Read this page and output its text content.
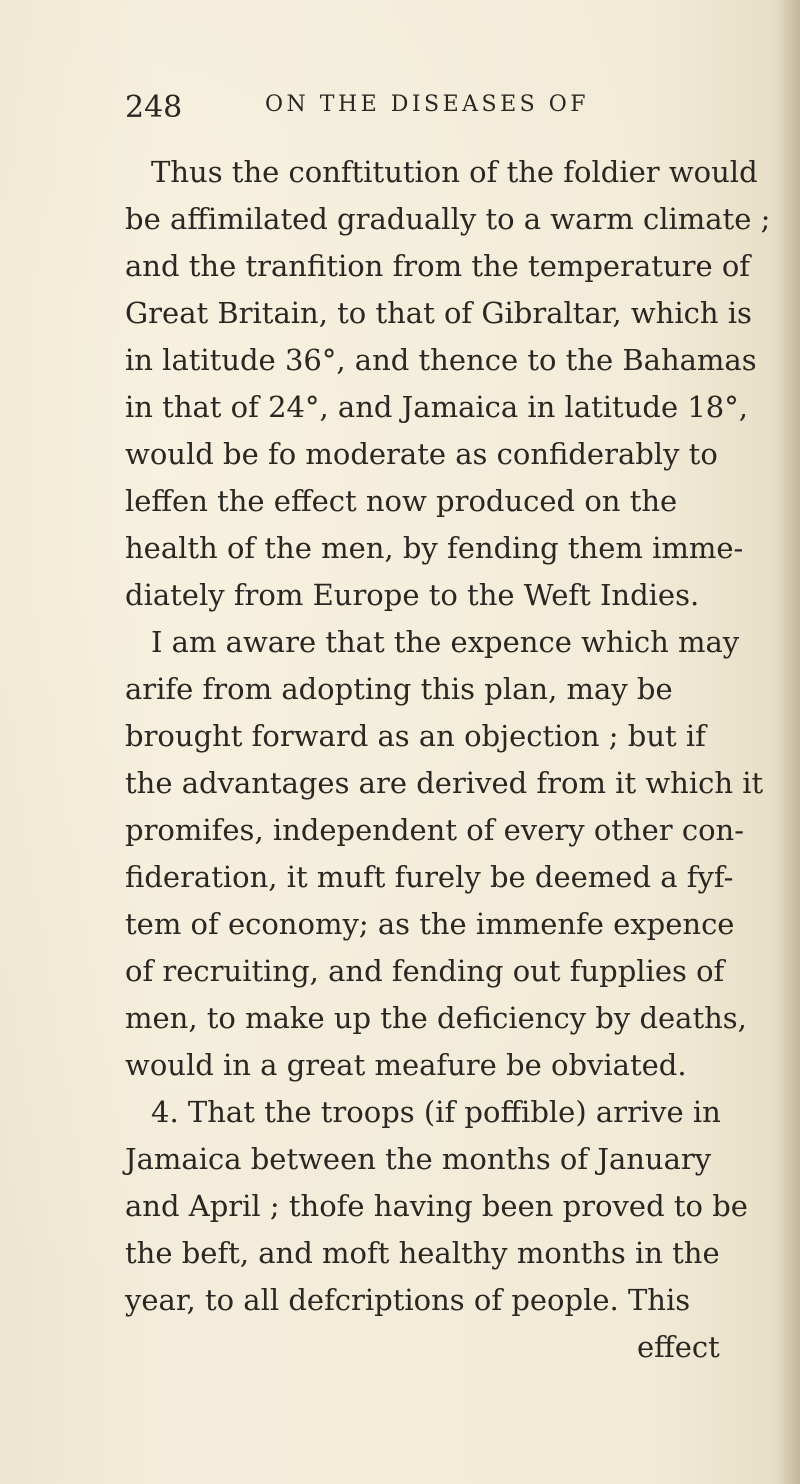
248	ON THE DISEASES OF
Thus the conftitution of the foldier would
be affimilated gradually to a warm climate ;
and the tranfition from the temperature of
Great Britain, to that of Gibraltar, which is
in latitude 36°, and thence to the Bahamas
in that of 24°, and Jamaica in latitude 18°,
would be fo moderate as confiderably to
leffen the effect now produced on the
health of the men, by fending them imme-
diately from Europe to the Weft Indies.
I am aware that the expence which may
arife from adopting this plan, may be
brought forward as an objection ; but if
the advantages are derived from it which it
promifes, independent of every other con-
fideration, it muft furely be deemed a fyf-
tem of economy; as the immenfe expence
of recruiting, and fending out fupplies of
men, to make up the deficiency by deaths,
would in a great meafure be obviated.
4. That the troops (if poffible) arrive in
Jamaica between the months of January
and April ; thofe having been proved to be
the beft, and moft healthy months in the
year, to all defcriptions of people. This
effect
